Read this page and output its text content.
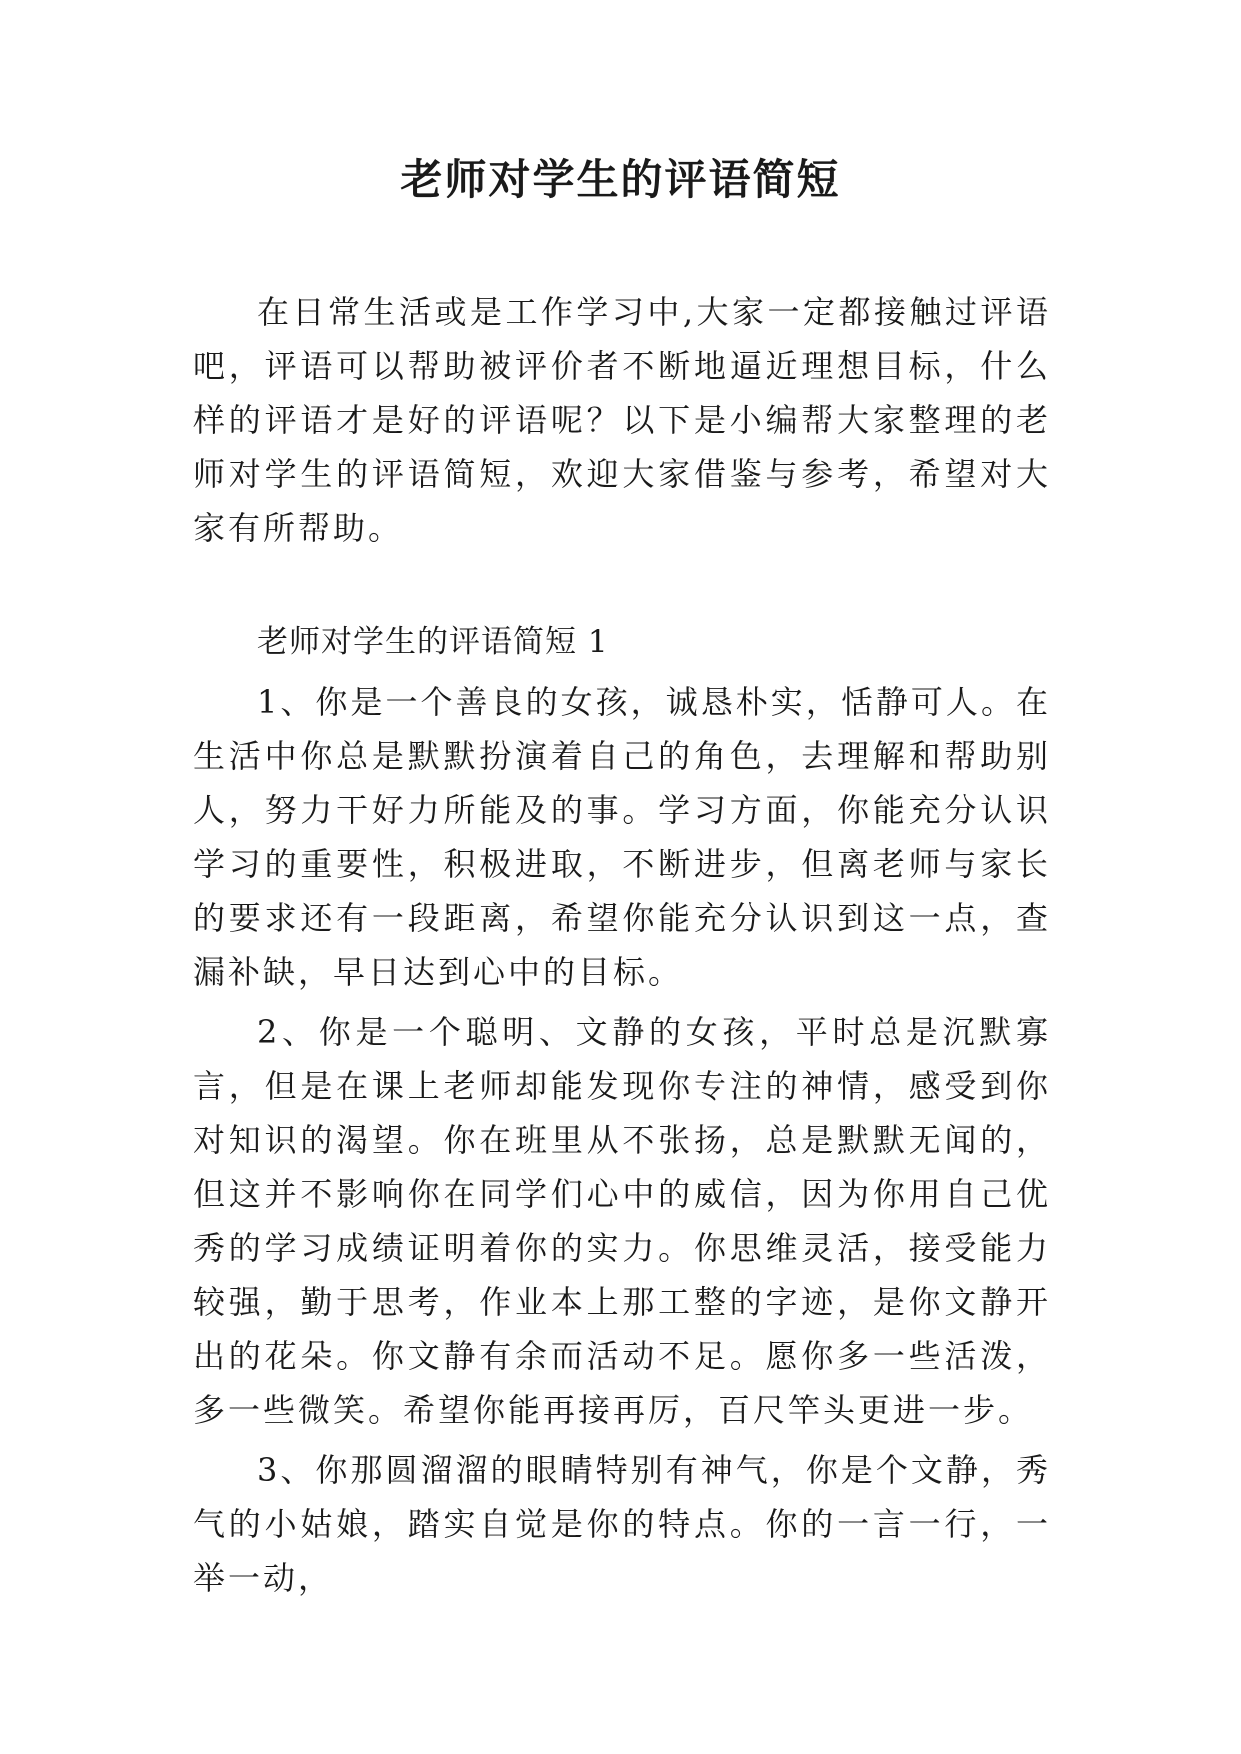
老师对学生的评语简短

在日常生活或是工作学习中,大家一定都接触过评语吧，评语可以帮助被评价者不断地逼近理想目标，什么样的评语才是好的评语呢？以下是小编帮大家整理的老师对学生的评语简短，欢迎大家借鉴与参考，希望对大家有所帮助。

老师对学生的评语简短 1

1、你是一个善良的女孩，诚恳朴实，恬静可人。在生活中你总是默默扮演着自己的角色，去理解和帮助别人，努力干好力所能及的事。学习方面，你能充分认识学习的重要性，积极进取，不断进步，但离老师与家长的要求还有一段距离，希望你能充分认识到这一点，查漏补缺，早日达到心中的目标。

2、你是一个聪明、文静的女孩，平时总是沉默寡言，但是在课上老师却能发现你专注的神情，感受到你对知识的渴望。你在班里从不张扬，总是默默无闻的，但这并不影响你在同学们心中的威信，因为你用自己优秀的学习成绩证明着你的实力。你思维灵活，接受能力较强，勤于思考，作业本上那工整的字迹，是你文静开出的花朵。你文静有余而活动不足。愿你多一些活泼，多一些微笑。希望你能再接再厉，百尺竿头更进一步。

3、你那圆溜溜的眼睛特别有神气，你是个文静，秀气的小姑娘，踏实自觉是你的特点。你的一言一行，一举一动，
